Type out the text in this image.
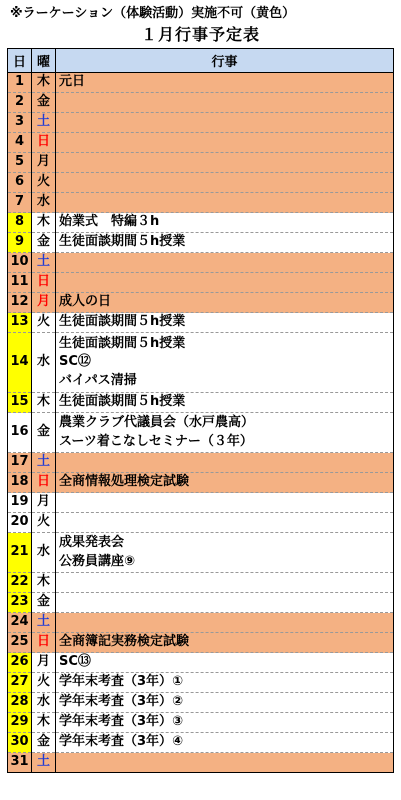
※ラーケーション（体験活動）実施不可（黄色）
１月行事予定表
日	曜	行事
1	木	元日

2	金	
3	土	
4	日	
5	月	
6	火	
7	水	
8	木	始業式　特編３h

9	金	生徒面談期間５h授業

10	土	
11	日	
12	月	成人の日

13	火	生徒面談期間５h授業

14	水	生徒面談期間５h授業
SC⑫
バイパス清掃

15	木	生徒面談期間５h授業

16	金	農業クラブ代議員会（水戸農高）
スーツ着こなしセミナー（３年）

17	土	
18	日	全商情報処理検定試験

19	月	
20	火	
21	水	成果発表会
公務員講座⑨

22	木	
23	金	
24	土	
25	日	全商簿記実務検定試験

26	月	SC⑬

27	火	学年末考査（3年）①

28	水	学年末考査（3年）②

29	木	学年末考査（3年）③

30	金	学年末考査（3年）④

31	土	
